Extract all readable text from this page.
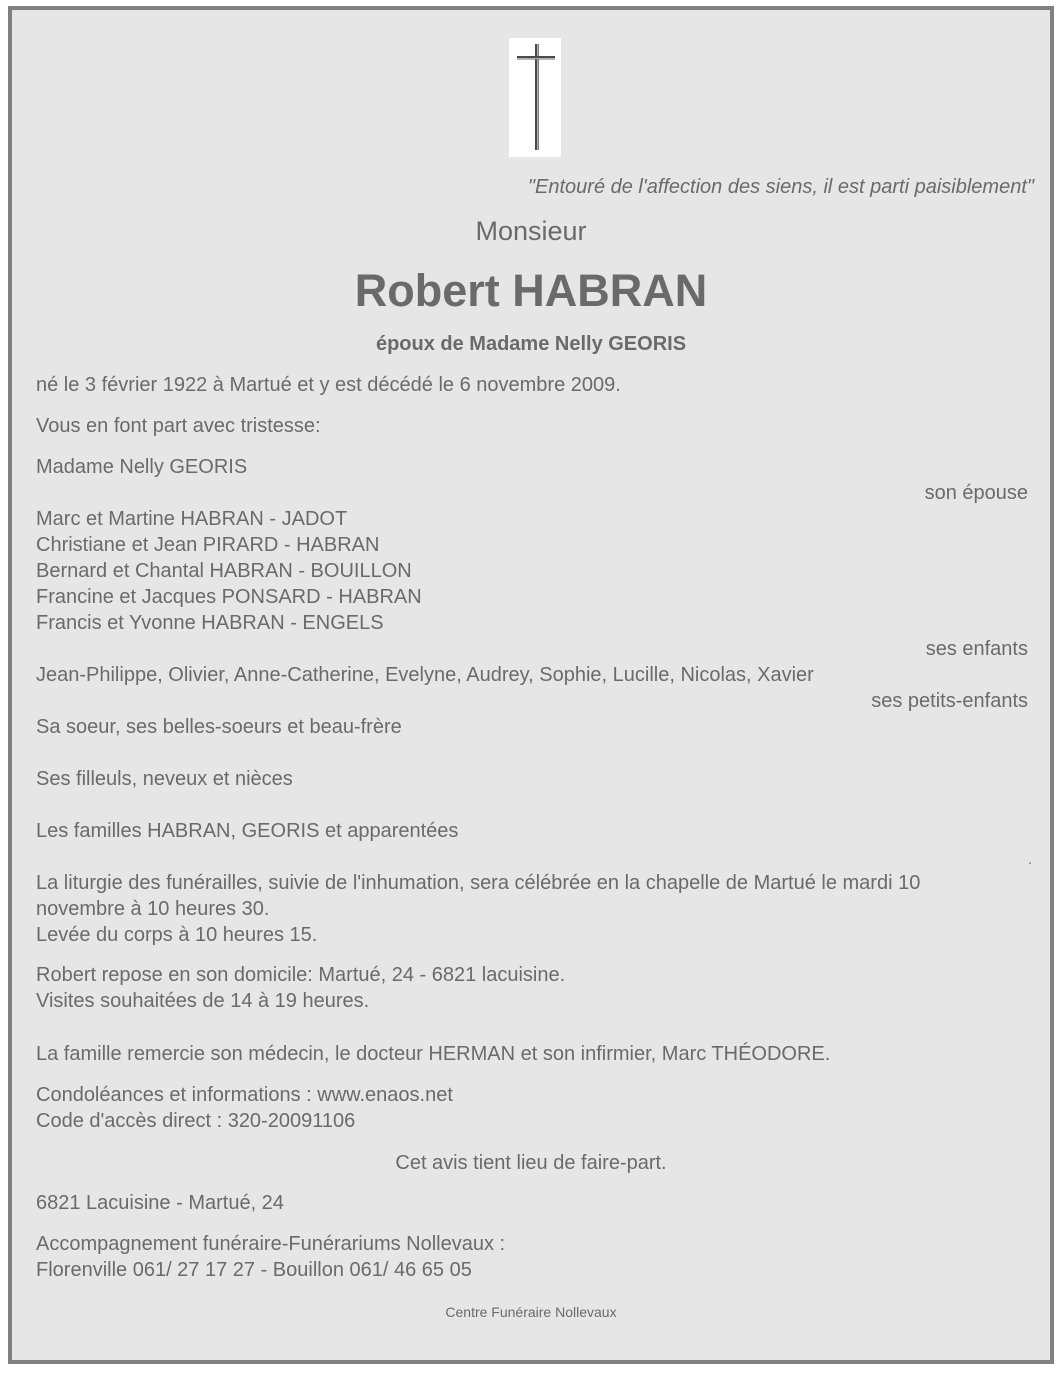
"Entouré de l'affection des siens, il est parti paisiblement"

Monsieur

Robert HABRAN

époux de Madame Nelly GEORIS

né le 3 février 1922 à Martué et y est décédé le 6 novembre 2009.

Vous en font part avec tristesse:

Madame Nelly GEORIS

son épouse

Marc et Martine HABRAN - JADOT
Christiane et Jean PIRARD - HABRAN
Bernard et Chantal HABRAN - BOUILLON
Francine et Jacques PONSARD - HABRAN
Francis et Yvonne HABRAN - ENGELS

ses enfants

Jean-Philippe, Olivier, Anne-Catherine, Evelyne, Audrey, Sophie, Lucille, Nicolas, Xavier

ses petits-enfants

Sa soeur, ses belles-soeurs et beau-frère

Ses filleuls, neveux et nièces

Les familles HABRAN, GEORIS et apparentées

.

La liturgie des funérailles, suivie de l'inhumation, sera célébrée en la chapelle de Martué le mardi 10
novembre à 10 heures 30.
Levée du corps à 10 heures 15.
Robert repose en son domicile: Martué, 24 - 6821 lacuisine.
Visites souhaitées de 14 à 19 heures.

La famille remercie son médecin, le docteur HERMAN et son infirmier, Marc THÉODORE.

Condoléances et informations : www.enaos.net
Code d'accès direct : 320-20091106

Cet avis tient lieu de faire-part.

6821 Lacuisine - Martué, 24

Accompagnement funéraire-Funérariums Nollevaux :
Florenville 061/ 27 17 27 - Bouillon 061/ 46 65 05

Centre Funéraire Nollevaux
